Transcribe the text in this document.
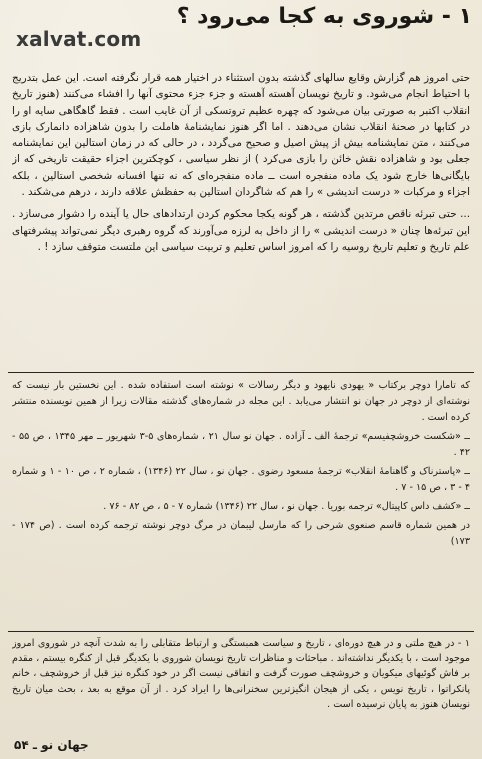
xalvat.com
۱ - شوروی به کجا می‌رود ؟

حتی امروز هم گزارش وقایع سالهای گذشته بدون استثناء در اختیار همه قرار نگرفته است. این عمل بتدریج با احتیاط انجام می‌شود. و تاریخ نویسان آهسته آهسته و جزء جزء محتوی آنها را افشاء می‌کنند (هنوز تاریخ انقلاب اکتبر به صورتی بیان می‌شود که چهره عظیم تروتسکی از آن غایب است . فقط گاهگاهی سایه او را در کتابها در صحنهٔ انقلاب نشان می‌دهند . اما اگر هنوز نمایشنامهٔ هاملت را بدون شاهزاده دانمارک بازی می‌کنند ، متن نمایشنامه بیش از پیش اصیل و صحیح می‌گردد ، در حالی که در زمان استالین این نمایشنامه جعلی بود و شاهزاده نقش خائن را بازی می‌کرد ) از نظر سیاسی ، کوچکترین اجزاء حقیقت تاریخی که از بایگانی‌ها خارج شود یک ماده منفجره است ــ ماده منفجره‌ای که نه تنها افسانه شخصی استالین ، بلکه اجزاء و مرکبات « درست اندیشی » را هم که شاگردان استالین به حفظش علاقه دارند ، درهم می‌شکند .

... حتی تبرئه ناقص مرتدین گذشته ، هر گونه یکجا محکوم کردن ارتدادهای حال یا آینده را دشوار می‌سازد . این تبرئه‌ها چنان « درست اندیشی » را از داخل به لرزه می‌آورند که گروه رهبری دیگر نمی‌تواند پیشرفتهای علم تاریخ و تعلیم تاریخ روسیه را که امروز اساس تعلیم و تربیت سیاسی این ملتست متوقف سازد ! .

که تامارا دوچر برکتاب « یهودی نایهود و دیگر رسالات » نوشته است استفاده شده . این نخستین بار نیست که نوشته‌ای از دوچر در جهان نو انتشار می‌یابد . این مجله در شماره‌های گذشته مقالات زیرا از همین نویسنده منتشر کرده است .

ــ «شکست خروشچفیسم» ترجمهٔ الف ـ آزاده . جهان نو سال ۲۱ ، شماره‌های ۵-۳ شهریور ــ مهر ۱۳۴۵ ، ص ۵۵ - ۴۲ .

ــ «پاسترناک و گاهنامهٔ انقلاب» ترجمهٔ مسعود رضوی . جهان نو ، سال ۲۲ (۱۳۴۶) ، شماره ۲ ، ص ۱۰ - ۱ و شماره ۴ - ۳ ، ص ۱۵ - ۷ .

ــ «کشف داس کاپیتال» ترجمه بوریا . جهان نو ، سال ۲۲ (۱۳۴۶) شماره ۷ - ۵ ، ص ۸۲ - ۷۶ .

در همین شماره قاسم صنعوی شرحی را که مارسل لیبمان در مرگ دوچر نوشته ترجمه کرده است . (ص ۱۷۴ - ۱۷۳)

۱ - در هیچ ملتی و در هیچ دوره‌ای ، تاریخ و سیاست همبستگی و ارتباط متقابلی را به شدت آنچه در شوروی امروز موجود است ، با یکدیگر نداشته‌اند . مباحثات و مناظرات تاریخ نویسان شوروی با یکدیگر قبل از کنگره بیستم ، مقدم بر فاش گوئیهای میکویان و خروشچف صورت گرفت و اتفاقی نیست اگر در خود کنگره نیز قبل از خروشچف ، خانم پانکراتوا ، تاریخ نویس ، یکی از هیجان انگیزترین سخنرانی‌ها را ایراد کرد . از آن موقع به بعد ، بحث میان تاریخ نویسان هنوز به پایان نرسیده است .

جهان نو ـ ۵۴
